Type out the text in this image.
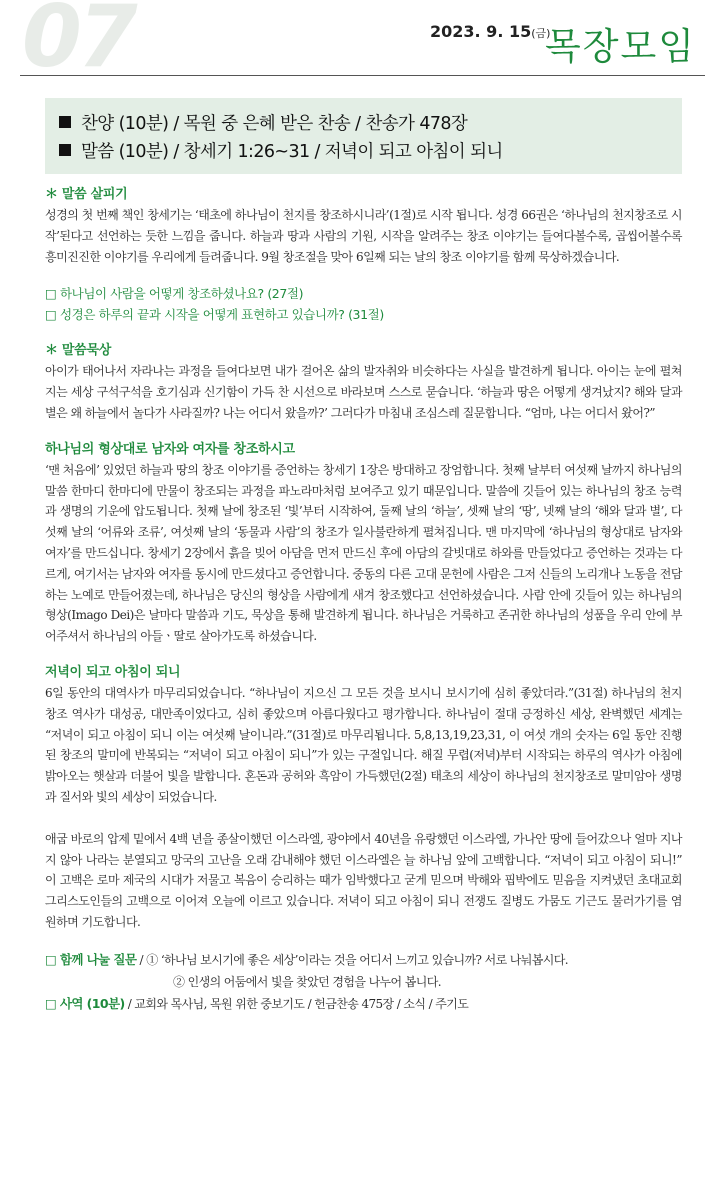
07	2023. 9. 15(금)
목장모임
찬양 (10분) / 목원 중 은혜 받은 찬송 / 찬송가 478장
말씀 (10분) / 창세기 1:26~31 / 저녁이 되고 아침이 되니
＊ 말씀 살피기
성경의 첫 번째 책인 창세기는 ‘태초에 하나님이 천지를 창조하시니라’(1절)로 시작 됩니다. 성경 66권은 ‘하나님의 천지창조로 시작’된다고 선언하는 듯한 느낌을 줍니다. 하늘과 땅과 사람의 기원, 시작을 알려주는 창조 이야기는 들여다볼수록, 곱씹어볼수록 흥미진진한 이야기를 우리에게 들려줍니다. 9월 창조절을 맞아 6일째 되는 날의 창조 이야기를 함께 묵상하겠습니다.
□ 하나님이 사람을 어떻게 창조하셨나요? (27절)
□ 성경은 하루의 끝과 시작을 어떻게 표현하고 있습니까? (31절)
＊ 말씀묵상
아이가 태어나서 자라나는 과정을 들여다보면 내가 걸어온 삶의 발자취와 비슷하다는 사실을 발견하게 됩니다. 아이는 눈에 펼쳐지는 세상 구석구석을 호기심과 신기함이 가득 찬 시선으로 바라보며 스스로 묻습니다. ‘하늘과 땅은 어떻게 생겨났지? 해와 달과 별은 왜 하늘에서 놀다가 사라질까? 나는 어디서 왔을까?’ 그러다가 마침내 조심스레 질문합니다. “엄마, 나는 어디서 왔어?”
하나님의 형상대로 남자와 여자를 창조하시고
‘맨 처음에’ 있었던 하늘과 땅의 창조 이야기를 증언하는 창세기 1장은 방대하고 장엄합니다. 첫째 날부터 여섯째 날까지 하나님의 말씀 한마디 한마디에 만물이 창조되는 과정을 파노라마처럼 보여주고 있기 때문입니다. 말씀에 깃들어 있는 하나님의 창조 능력과 생명의 기운에 압도됩니다. 첫째 날에 창조된 ‘빛’부터 시작하여, 둘째 날의 ‘하늘’, 셋째 날의 ‘땅’, 넷째 날의 ‘해와 달과 별’, 다섯째 날의 ‘어류와 조류’, 여섯째 날의 ‘동물과 사람’의 창조가 일사불란하게 펼쳐집니다. 맨 마지막에 ‘하나님의 형상대로 남자와 여자’를 만드십니다. 창세기 2장에서 흙을 빚어 아담을 먼저 만드신 후에 아담의 갈빗대로 하와를 만들었다고 증언하는 것과는 다르게, 여기서는 남자와 여자를 동시에 만드셨다고 증언합니다. 중동의 다른 고대 문헌에 사람은 그저 신들의 노리개나 노동을 전담하는 노예로 만들어졌는데, 하나님은 당신의 형상을 사람에게 새겨 창조했다고 선언하셨습니다. 사람 안에 깃들어 있는 하나님의 형상(Imago Dei)은 날마다 말씀과 기도, 묵상을 통해 발견하게 됩니다. 하나님은 거룩하고 존귀한 하나님의 성품을 우리 안에 부어주셔서 하나님의 아들ㆍ딸로 살아가도록 하셨습니다.
저녁이 되고 아침이 되니
6일 동안의 대역사가 마무리되었습니다. “하나님이 지으신 그 모든 것을 보시니 보시기에 심히 좋았더라.”(31절) 하나님의 천지창조 역사가 대성공, 대만족이었다고, 심히 좋았으며 아름다웠다고 평가합니다. 하나님이 절대 긍정하신 세상, 완벽했던 세계는 “저녁이 되고 아침이 되니 이는 여섯째 날이니라.”(31절)로 마무리됩니다. 5,8,13,19,23,31, 이 여섯 개의 숫자는 6일 동안 진행된 창조의 말미에 반복되는 “저녁이 되고 아침이 되니”가 있는 구절입니다. 해질 무렵(저녁)부터 시작되는 하루의 역사가 아침에 밝아오는 햇살과 더불어 빛을 발합니다. 혼돈과 공허와 흑암이 가득했던(2절) 태초의 세상이 하나님의 천지창조로 말미암아 생명과 질서와 빛의 세상이 되었습니다.
애굽 바로의 압제 밑에서 4백 년을 종살이했던 이스라엘, 광야에서 40년을 유랑했던 이스라엘, 가나안 땅에 들어갔으나 얼마 지나지 않아 나라는 분열되고 망국의 고난을 오래 감내해야 했던 이스라엘은 늘 하나님 앞에 고백합니다. “저녁이 되고 아침이 되니!” 이 고백은 로마 제국의 시대가 저물고 복음이 승리하는 때가 임박했다고 굳게 믿으며 박해와 핍박에도 믿음을 지켜냈던 초대교회 그리스도인들의 고백으로 이어져 오늘에 이르고 있습니다. 저녁이 되고 아침이 되니 전쟁도 질병도 가뭄도 기근도 물러가기를 염원하며 기도합니다.
□ 함께 나눌 질문 / ① ‘하나님 보시기에 좋은 세상’이라는 것을 어디서 느끼고 있습니까? 서로 나눠봅시다.
② 인생의 어둠에서 빛을 찾았던 경험을 나누어 봅니다.
□ 사역 (10분) / 교회와 목사님, 목원 위한 중보기도 / 헌금찬송 475장 / 소식 / 주기도
